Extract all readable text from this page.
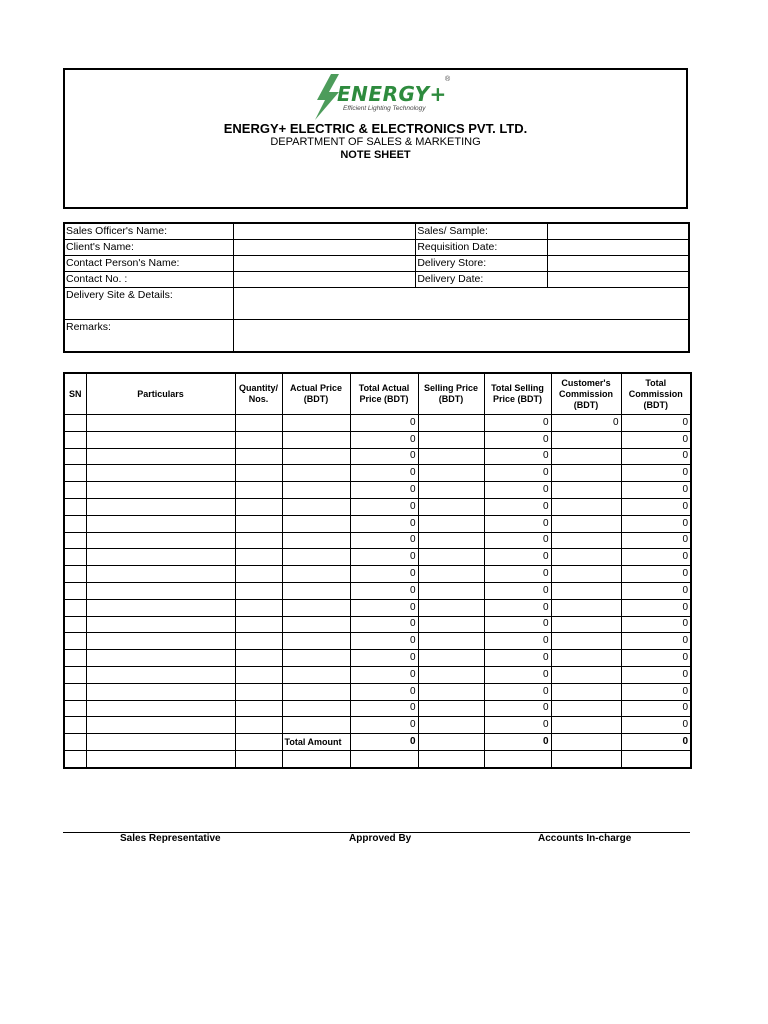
ENERGY+
Efficient Lighting Technology
®
ENERGY+ ELECTRIC & ELECTRONICS PVT. LTD.
DEPARTMENT OF SALES & MARKETING
NOTE SHEET
Sales Officer's Name:		Sales/ Sample:	
Client's Name:		Requisition Date:	
Contact Person's Name:		Delivery Store:	
Contact No. :		Delivery Date:	
Delivery Site & Details:			
Remarks:			
SN	Particulars	Quantity/ Nos.	Actual Price (BDT)	Total Actual Price (BDT)	Selling Price (BDT)	Total Selling Price (BDT)	Customer's Commission (BDT)	Total Commission (BDT)
				0		0	0	0
				0		0		0
				0		0		0
				0		0		0
				0		0		0
				0		0		0
				0		0		0
				0		0		0
				0		0		0
				0		0		0
				0		0		0
				0		0		0
				0		0		0
				0		0		0
				0		0		0
				0		0		0
				0		0		0
				0		0		0
				0		0		0
			Total Amount	0		0		0

Sales Representative	Approved By	Accounts In-charge
